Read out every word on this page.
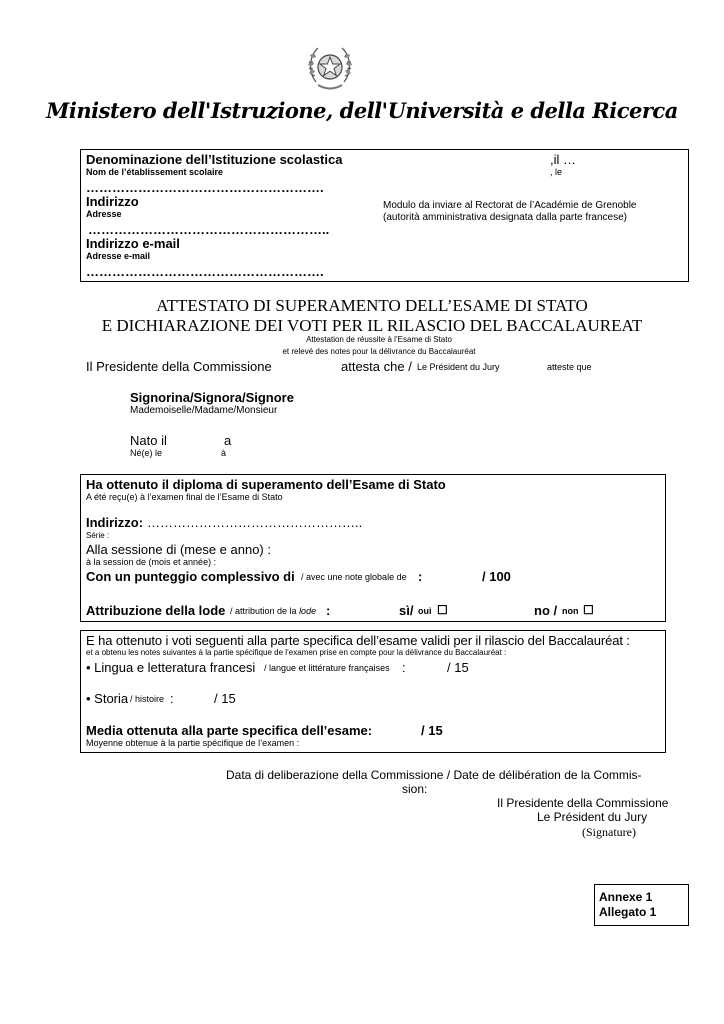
Ministero dell'Istruzione, dell'Università e della Ricerca
Denominazione dell’Istituzione scolastica
Nom de l’établissement scolaire
,il …
, le
……………………………………………….
Indirizzo
Adresse
Modulo da inviare al Rectorat de l’Académie de Grenoble
(autorità amministrativa designata dalla parte francese)
………………………………………………..
Indirizzo e-mail
Adresse e-mail
……………………………………………….
ATTESTATO DI SUPERAMENTO DELL’ESAME DI STATO
E DICHIARAZIONE DEI VOTI PER IL RILASCIO DEL BACCALAUREAT
Attestation de réussite à l’Esame di Stato
et relevé des notes pour la délivrance du Baccalauréat
Il Presidente della Commissione	attesta che / Le Président du Jury	atteste que
Signorina/Signora/Signore
Mademoiselle/Madame/Monsieur
Nato il	a
Né(e) le	à
Ha ottenuto il diploma di superamento dell’Esame di Stato
A été reçu(e) à l’examen final de l’Esame di Stato
Indirizzo: …………………………………………..
Série :
Alla sessione di (mese e anno) :
à la session de (mois et année) :
Con un punteggio complessivo di / avec une note globale de :	/ 100
Attribuzione della lode / attribution de la lode :	sì/ oui ☐	no / non ☐
E ha ottenuto i voti seguenti alla parte specifica dell’esame validi per il rilascio del Baccalauréat :
et a obtenu les notes suivantes à la partie spécifique de l’examen prise en compte pour la délivrance du Baccalauréat :
• Lingua e letteratura francesi / langue et littérature françaises :	/ 15
• Storia / histoire :	/ 15
Media ottenuta alla parte specifica dell’esame:	/ 15
Moyenne obtenue à la partie spécifique de l’examen :
Data di deliberazione della Commissione / Date de délibération de la Commis-
sion:
Il Presidente della Commissione
Le Président du Jury
(Signature)
Annexe 1
Allegato 1
